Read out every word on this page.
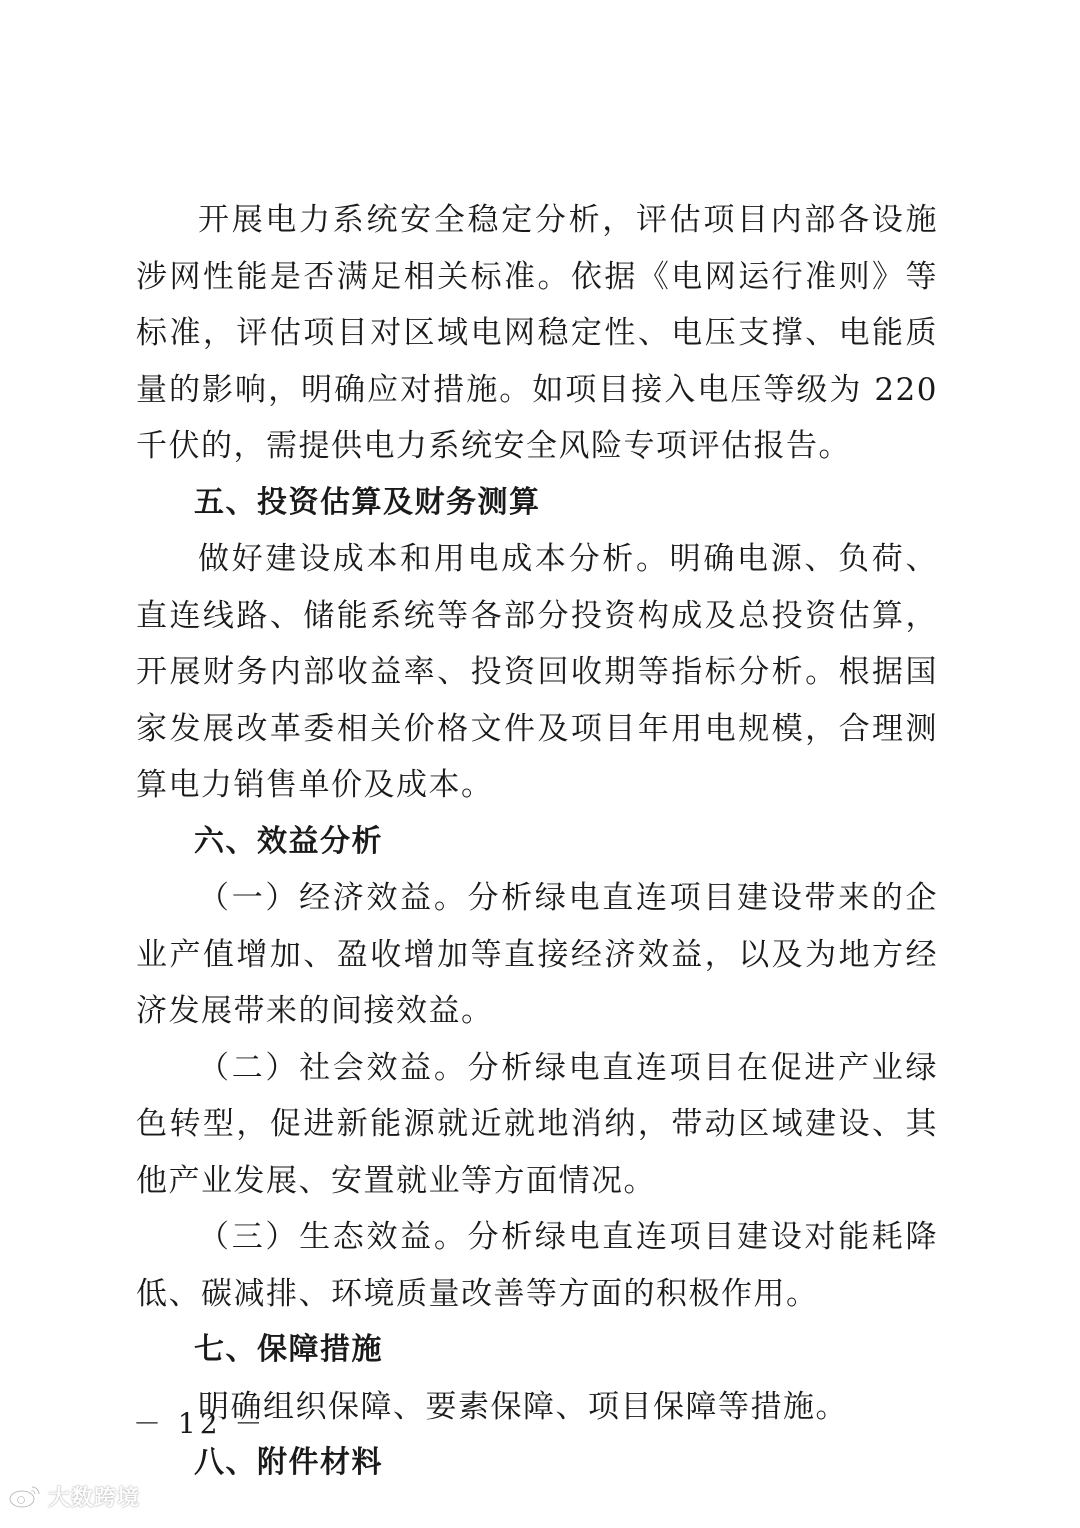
开展电力系统安全稳定分析，评估项目内部各设施涉网性能是否满足相关标准。依据《电网运行准则》等标准，评估项目对区域电网稳定性、电压支撑、电能质量的影响，明确应对措施。如项目接入电压等级为 220 千伏的，需提供电力系统安全风险专项评估报告。

五、投资估算及财务测算

做好建设成本和用电成本分析。明确电源、负荷、直连线路、储能系统等各部分投资构成及总投资估算，开展财务内部收益率、投资回收期等指标分析。根据国家发展改革委相关价格文件及项目年用电规模，合理测算电力销售单价及成本。

六、效益分析

（一）经济效益。分析绿电直连项目建设带来的企业产值增加、盈收增加等直接经济效益，以及为地方经济发展带来的间接效益。

（二）社会效益。分析绿电直连项目在促进产业绿色转型，促进新能源就近就地消纳，带动区域建设、其他产业发展、安置就业等方面情况。

（三）生态效益。分析绿电直连项目建设对能耗降低、碳减排、环境质量改善等方面的积极作用。

七、保障措施

明确组织保障、要素保障、项目保障等措施。

八、附件材料

－ 12 －
大数跨境
